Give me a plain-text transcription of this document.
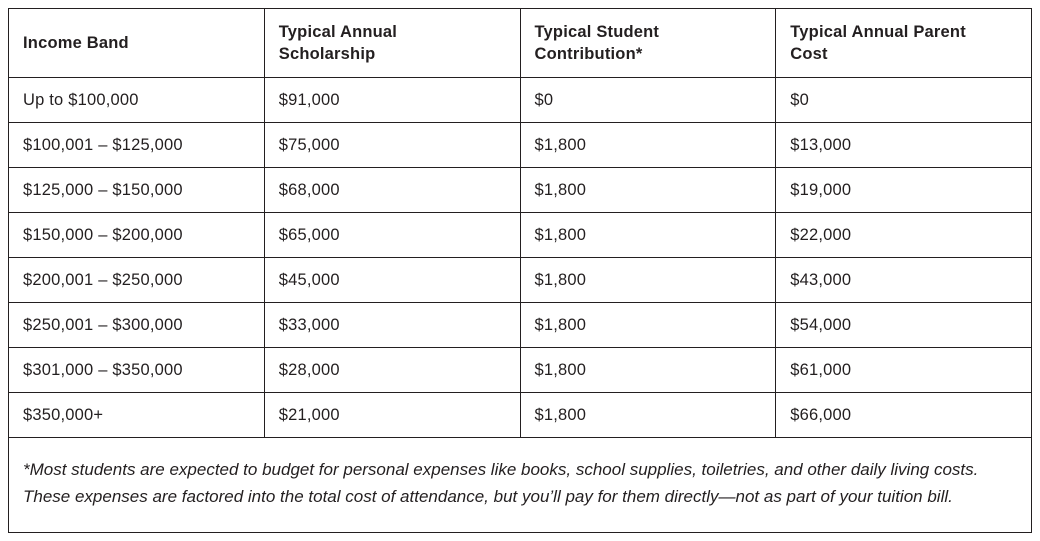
Income Band	Typical Annual Scholarship	Typical Student Contribution*	Typical Annual Parent Cost
Up to $100,000	$91,000	$0	$0
$100,001 – $125,000	$75,000	$1,800	$13,000
$125,000 – $150,000	$68,000	$1,800	$19,000
$150,000 – $200,000	$65,000	$1,800	$22,000
$200,001 – $250,000	$45,000	$1,800	$43,000
$250,001 – $300,000	$33,000	$1,800	$54,000
$301,000 – $350,000	$28,000	$1,800	$61,000
$350,000+	$21,000	$1,800	$66,000
*Most students are expected to budget for personal expenses like books, school supplies, toiletries, and other daily living costs. These expenses are factored into the total cost of attendance, but you’ll pay for them directly—not as part of your tuition bill.			
